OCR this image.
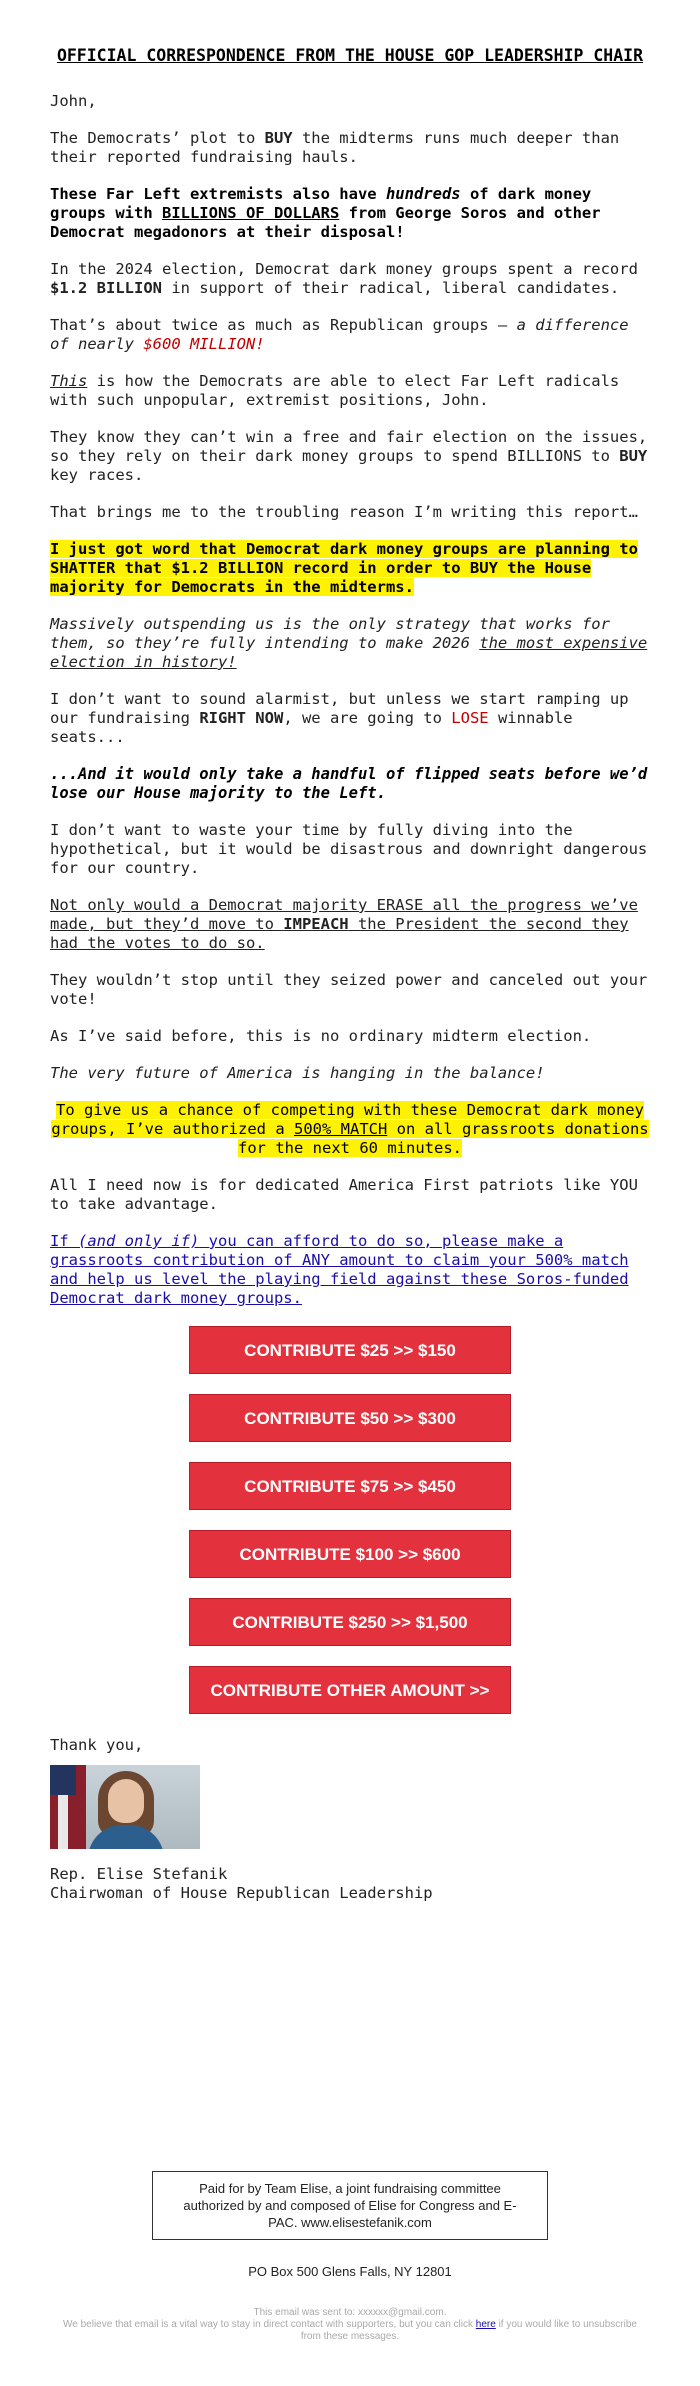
OFFICIAL CORRESPONDENCE FROM THE HOUSE GOP LEADERSHIP CHAIR

John,

The Democrats’ plot to BUY the midterms runs much deeper than their reported fundraising hauls.

These Far Left extremists also have hundreds of dark money groups with BILLIONS OF DOLLARS from George Soros and other Democrat megadonors at their disposal!

In the 2024 election, Democrat dark money groups spent a record $1.2 BILLION in support of their radical, liberal candidates.

That’s about twice as much as Republican groups – a difference of nearly $600 MILLION!

This is how the Democrats are able to elect Far Left radicals with such unpopular, extremist positions, John.

They know they can’t win a free and fair election on the issues, so they rely on their dark money groups to spend BILLIONS to BUY key races.

That brings me to the troubling reason I’m writing this report…

I just got word that Democrat dark money groups are planning to SHATTER that $1.2 BILLION record in order to BUY the House majority for Democrats in the midterms.

Massively outspending us is the only strategy that works for them, so they’re fully intending to make 2026 the most expensive election in history!

I don’t want to sound alarmist, but unless we start ramping up our fundraising RIGHT NOW, we are going to LOSE winnable seats...

...And it would only take a handful of flipped seats before we’d lose our House majority to the Left.

I don’t want to waste your time by fully diving into the hypothetical, but it would be disastrous and downright dangerous for our country.

Not only would a Democrat majority ERASE all the progress we’ve made, but they’d move to IMPEACH the President the second they had the votes to do so.

They wouldn’t stop until they seized power and canceled out your vote!

As I’ve said before, this is no ordinary midterm election.

The very future of America is hanging in the balance!

To give us a chance of competing with these Democrat dark money groups, I’ve authorized a 500% MATCH on all grassroots donations for the next 60 minutes.

All I need now is for dedicated America First patriots like YOU to take advantage.

If (and only if) you can afford to do so, please make a grassroots contribution of ANY amount to claim your 500% match and help us level the playing field against these Soros-funded Democrat dark money groups.

CONTRIBUTE $25 >> $150
CONTRIBUTE $50 >> $300
CONTRIBUTE $75 >> $450
CONTRIBUTE $100 >> $600
CONTRIBUTE $250 >> $1,500
CONTRIBUTE OTHER AMOUNT >>
Thank you,
Rep. Elise Stefanik
Chairwoman of House Republican Leadership
Paid for by Team Elise, a joint fundraising committee authorized by and composed of Elise for Congress and E-PAC. www.elisestefanik.com
PO Box 500 Glens Falls, NY 12801
This email was sent to: xxxxxx@gmail.com.
We believe that email is a vital way to stay in direct contact with supporters, but you can click here if you would like to unsubscribe from these messages.
